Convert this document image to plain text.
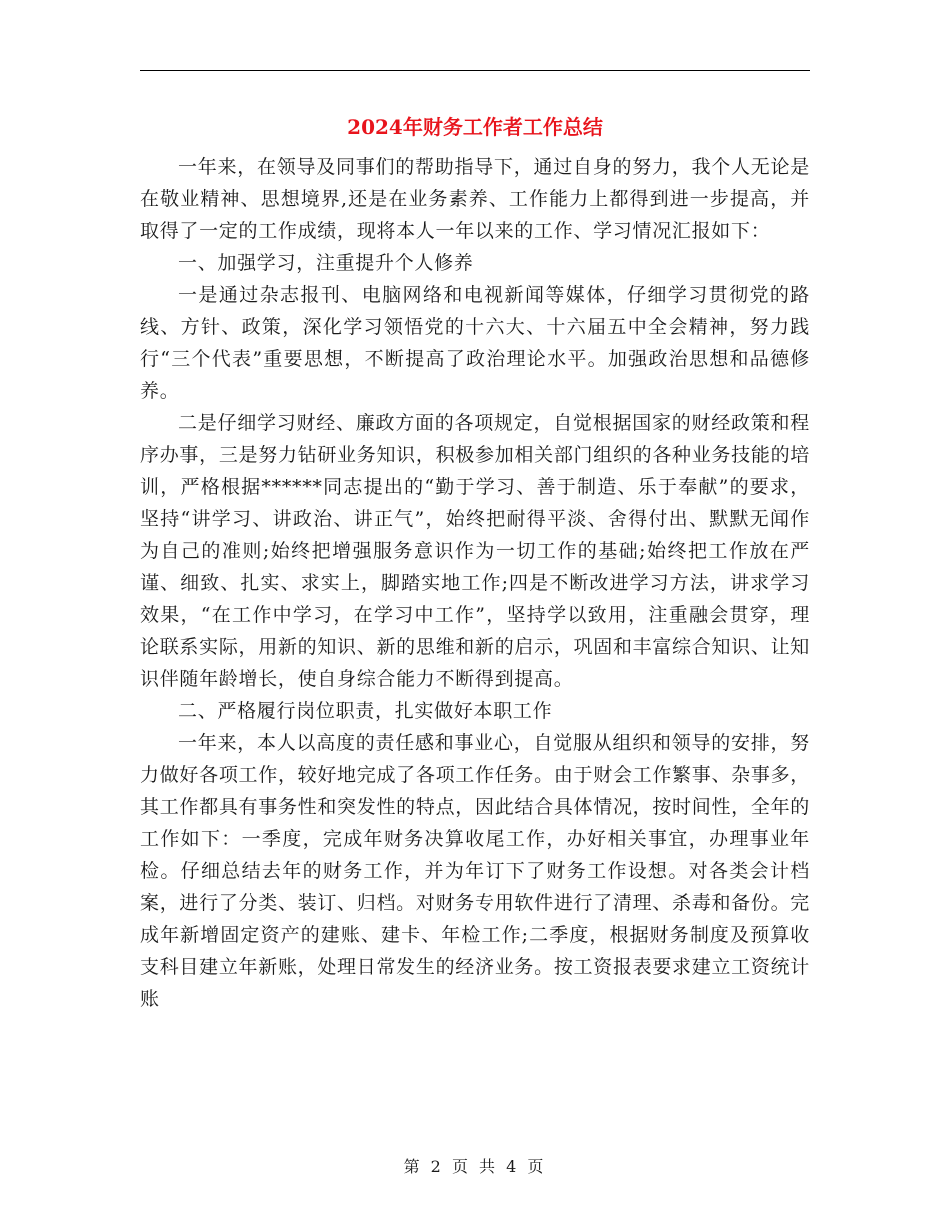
2024年财务工作者工作总结

一年来，在领导及同事们的帮助指导下，通过自身的努力，我个人无论是在敬业精神、思想境界,还是在业务素养、工作能力上都得到进一步提高，并取得了一定的工作成绩，现将本人一年以来的工作、学习情况汇报如下：

一、加强学习，注重提升个人修养

一是通过杂志报刊、电脑网络和电视新闻等媒体，仔细学习贯彻党的路线、方针、政策，深化学习领悟党的十六大、十六届五中全会精神，努力践行“三个代表”重要思想，不断提高了政治理论水平。加强政治思想和品德修养。

二是仔细学习财经、廉政方面的各项规定，自觉根据国家的财经政策和程序办事，三是努力钻研业务知识，积极参加相关部门组织的各种业务技能的培训，严格根据******同志提出的“勤于学习、善于制造、乐于奉献”的要求，坚持“讲学习、讲政治、讲正气”，始终把耐得平淡、舍得付出、默默无闻作为自己的准则;始终把增强服务意识作为一切工作的基础;始终把工作放在严谨、细致、扎实、求实上，脚踏实地工作;四是不断改进学习方法，讲求学习效果，“在工作中学习，在学习中工作”，坚持学以致用，注重融会贯穿，理论联系实际，用新的知识、新的思维和新的启示，巩固和丰富综合知识、让知识伴随年龄增长，使自身综合能力不断得到提高。

二、严格履行岗位职责，扎实做好本职工作

一年来，本人以高度的责任感和事业心，自觉服从组织和领导的安排，努力做好各项工作，较好地完成了各项工作任务。由于财会工作繁事、杂事多，其工作都具有事务性和突发性的特点，因此结合具体情况，按时间性，全年的工作如下：一季度，完成年财务决算收尾工作，办好相关事宜，办理事业年检。仔细总结去年的财务工作，并为年订下了财务工作设想。对各类会计档案，进行了分类、装订、归档。对财务专用软件进行了清理、杀毒和备份。完成年新增固定资产的建账、建卡、年检工作;二季度，根据财务制度及预算收支科目建立年新账，处理日常发生的经济业务。按工资报表要求建立工资统计账

第 2 页 共 4 页
